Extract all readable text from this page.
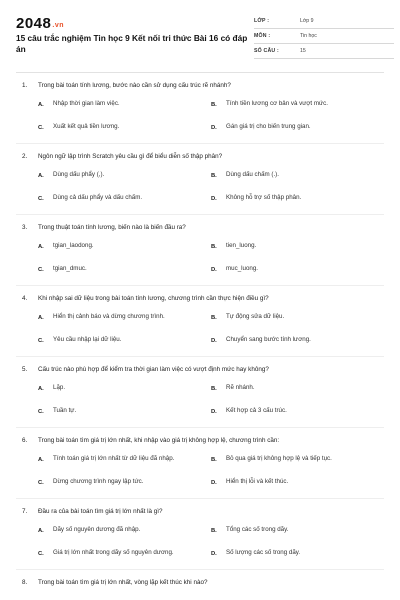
2048.vn
15 câu trắc nghiệm Tin học 9 Kết nối tri thức Bài 16 có đáp án
LỚP :	Lớp 9
MÔN :	Tin học
SỐ CÂU :	15
1. Trong bài toán tính lương, bước nào cần sử dụng cấu trúc rẽ nhánh?
A.	Nhập thời gian làm việc.	B.	Tính tiền lương cơ bản và vượt mức.
C.	Xuất kết quả tiền lương.	D.	Gán giá trị cho biến trung gian.
2. Ngôn ngữ lập trình Scratch yêu cầu gì để biểu diễn số thập phân?
A.	Dùng dấu phẩy (,).	B.	Dùng dấu chấm (.).
C.	Dùng cả dấu phẩy và dấu chấm.	D.	Không hỗ trợ số thập phân.
3. Trong thuật toán tính lương, biến nào là biến đầu ra?
A.	tgian_laodong.	B.	tien_luong.
C.	tgian_dmuc.	D.	muc_luong.
4. Khi nhập sai dữ liệu trong bài toán tính lương, chương trình cần thực hiện điều gì?
A.	Hiển thị cảnh báo và dừng chương trình.	B.	Tự động sửa dữ liệu.
C.	Yêu cầu nhập lại dữ liệu.	D.	Chuyển sang bước tính lương.
5. Cấu trúc nào phù hợp để kiểm tra thời gian làm việc có vượt định mức hay không?
A.	Lặp.	B.	Rẽ nhánh.
C.	Tuần tự.	D.	Kết hợp cả 3 cấu trúc.
6. Trong bài toán tìm giá trị lớn nhất, khi nhập vào giá trị không hợp lệ, chương trình cần:
A.	Tính toán giá trị lớn nhất từ dữ liệu đã nhập.	B.	Bỏ qua giá trị không hợp lệ và tiếp tục.
C.	Dừng chương trình ngay lập tức.	D.	Hiển thị lỗi và kết thúc.
7. Đầu ra của bài toán tìm giá trị lớn nhất là gì?
A.	Dãy số nguyên dương đã nhập.	B.	Tổng các số trong dãy.
C.	Giá trị lớn nhất trong dãy số nguyên dương.	D.	Số lượng các số trong dãy.
8. Trong bài toán tìm giá trị lớn nhất, vòng lặp kết thúc khi nào?
